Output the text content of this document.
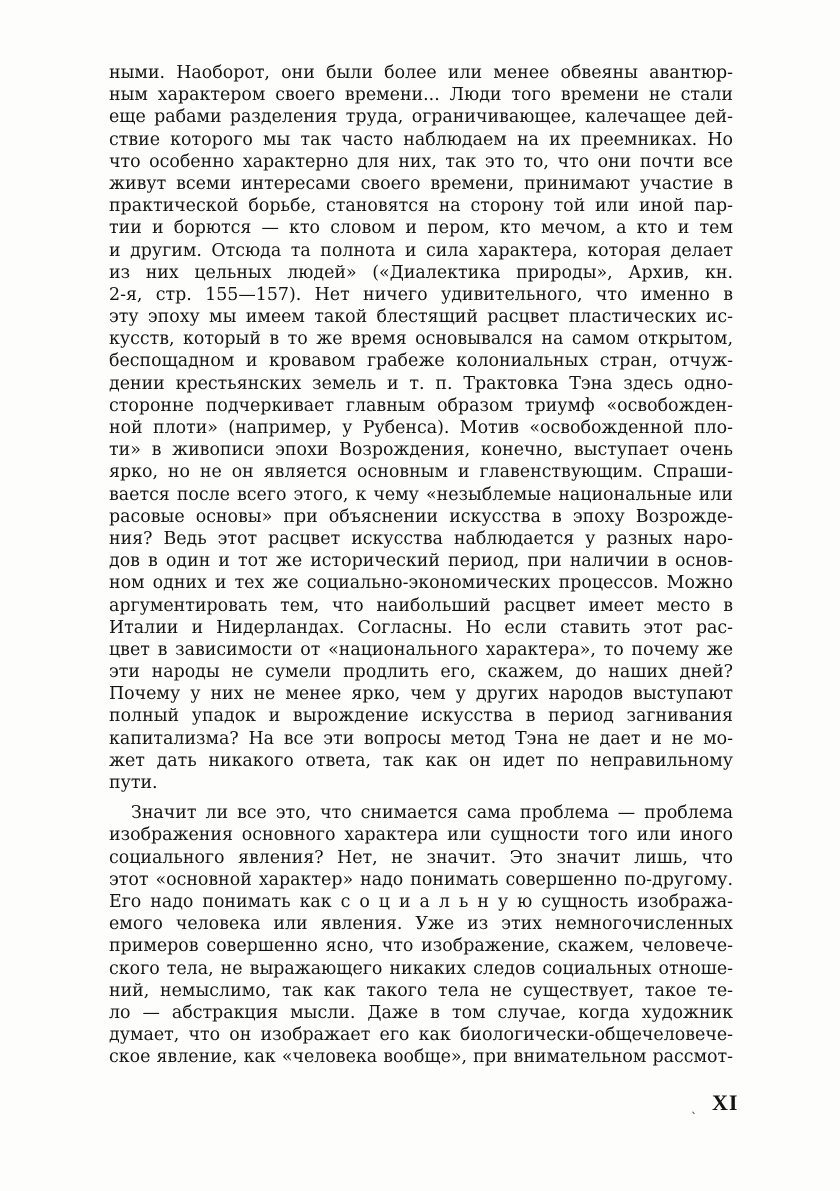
ными. Наоборот, они были более или менее обвеяны авантюр-
ным характером своего времени... Люди того времени не стали
еще рабами разделения труда, ограничивающее, калечащее дей-
ствие которого мы так часто наблюдаем на их преемниках. Но
что особенно характерно для них, так это то, что они почти все
живут всеми интересами своего времени, принимают участие в
практической борьбе, становятся на сторону той или иной пар-
тии и борются — кто словом и пером, кто мечом, а кто и тем
и другим. Отсюда та полнота и сила характера, которая делает
из них цельных людей» («Диалектика природы», Архив, кн.
2-я, стр. 155—157). Нет ничего удивительного, что именно в
эту эпоху мы имеем такой блестящий расцвет пластических ис-
кусств, который в то же время основывался на самом открытом,
беспощадном и кровавом грабеже колониальных стран, отчуж-
дении крестьянских земель и т. п. Трактовка Тэна здесь одно-
сторонне подчеркивает главным образом триумф «освобожден-
ной плоти» (например, у Рубенса). Мотив «освобожденной пло-
ти» в живописи эпохи Возрождения, конечно, выступает очень
ярко, но не он является основным и главенствующим. Спраши-
вается после всего этого, к чему «незыблемые национальные или
расовые основы» при объяснении искусства в эпоху Возрожде-
ния? Ведь этот расцвет искусства наблюдается у разных наро-
дов в один и тот же исторический период, при наличии в основ-
ном одних и тех же социально-экономических процессов. Можно
аргументировать тем, что наибольший расцвет имеет место в
Италии и Нидерландах. Согласны. Но если ставить этот рас-
цвет в зависимости от «национального характера», то почему же
эти народы не сумели продлить его, скажем, до наших дней?
Почему у них не менее ярко, чем у других народов выступают
полный упадок и вырождение искусства в период загнивания
капитализма? На все эти вопросы метод Тэна не дает и не мо-
жет дать никакого ответа, так как он идет по неправильному
пути.
Значит ли все это, что снимается сама проблема — проблема
изображения основного характера или сущности того или иного
социального явления? Нет, не значит. Это значит лишь, что
этот «основной характер» надо понимать совершенно по-другому.
Его надо понимать как с о ц и а л ь н у ю сущность изобража-
емого человека или явления. Уже из этих немногочисленных
примеров совершенно ясно, что изображение, скажем, человече-
ского тела, не выражающего никаких следов социальных отноше-
ний, немыслимо, так как такого тела не существует, такое те-
ло — абстракция мысли. Даже в том случае, когда художник
думает, что он изображает его как биологически-общечеловече-
ское явление, как «человека вообще», при внимательном рассмот-
ˎ XI
